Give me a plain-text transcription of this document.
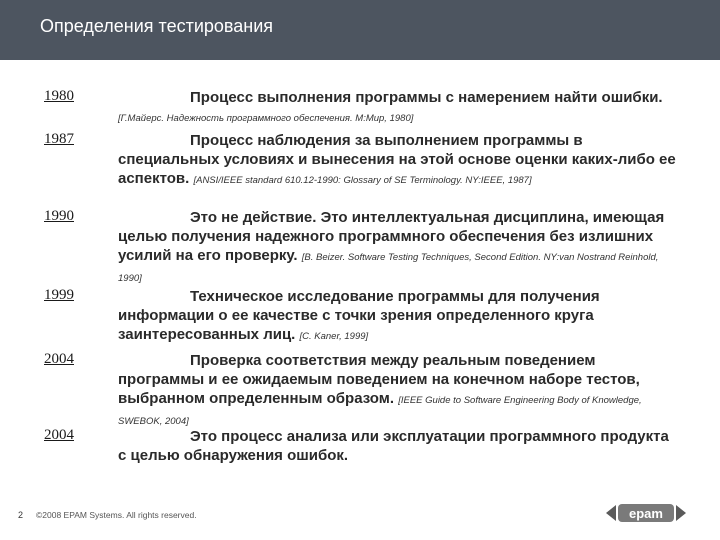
Определения тестирования
1980	Процесс выполнения программы с намерением найти ошибки. [Г.Майерс. Надежность программного обеспечения. М:Мир, 1980]
1987	Процесс наблюдения за выполнением программы в специальных условиях и вынесения на этой основе оценки каких-либо ее аспектов. [ANSI/IEEE standard 610.12-1990: Glossary of SE Terminology. NY:IEEE, 1987]
1990	Это не действие. Это интеллектуальная дисциплина, имеющая целью получения надежного программного обеспечения без излишних усилий на его проверку. [B. Beizer. Software Testing Techniques, Second Edition. NY:van Nostrand Reinhold, 1990]
1999	Техническое исследование программы для получения информации о ее качестве с точки зрения определенного круга заинтересованных лиц. [C. Kaner, 1999]
2004	Проверка соответствия между реальным поведением программы и ее ожидаемым поведением на конечном наборе тестов, выбранном определенным образом. [IEEE Guide to Software Engineering Body of Knowledge, SWEBOK, 2004]
2004	Это процесс анализа или эксплуатации программного продукта с целью обнаружения ошибок.
2 ©2008 EPAM Systems. All rights reserved.	epam
